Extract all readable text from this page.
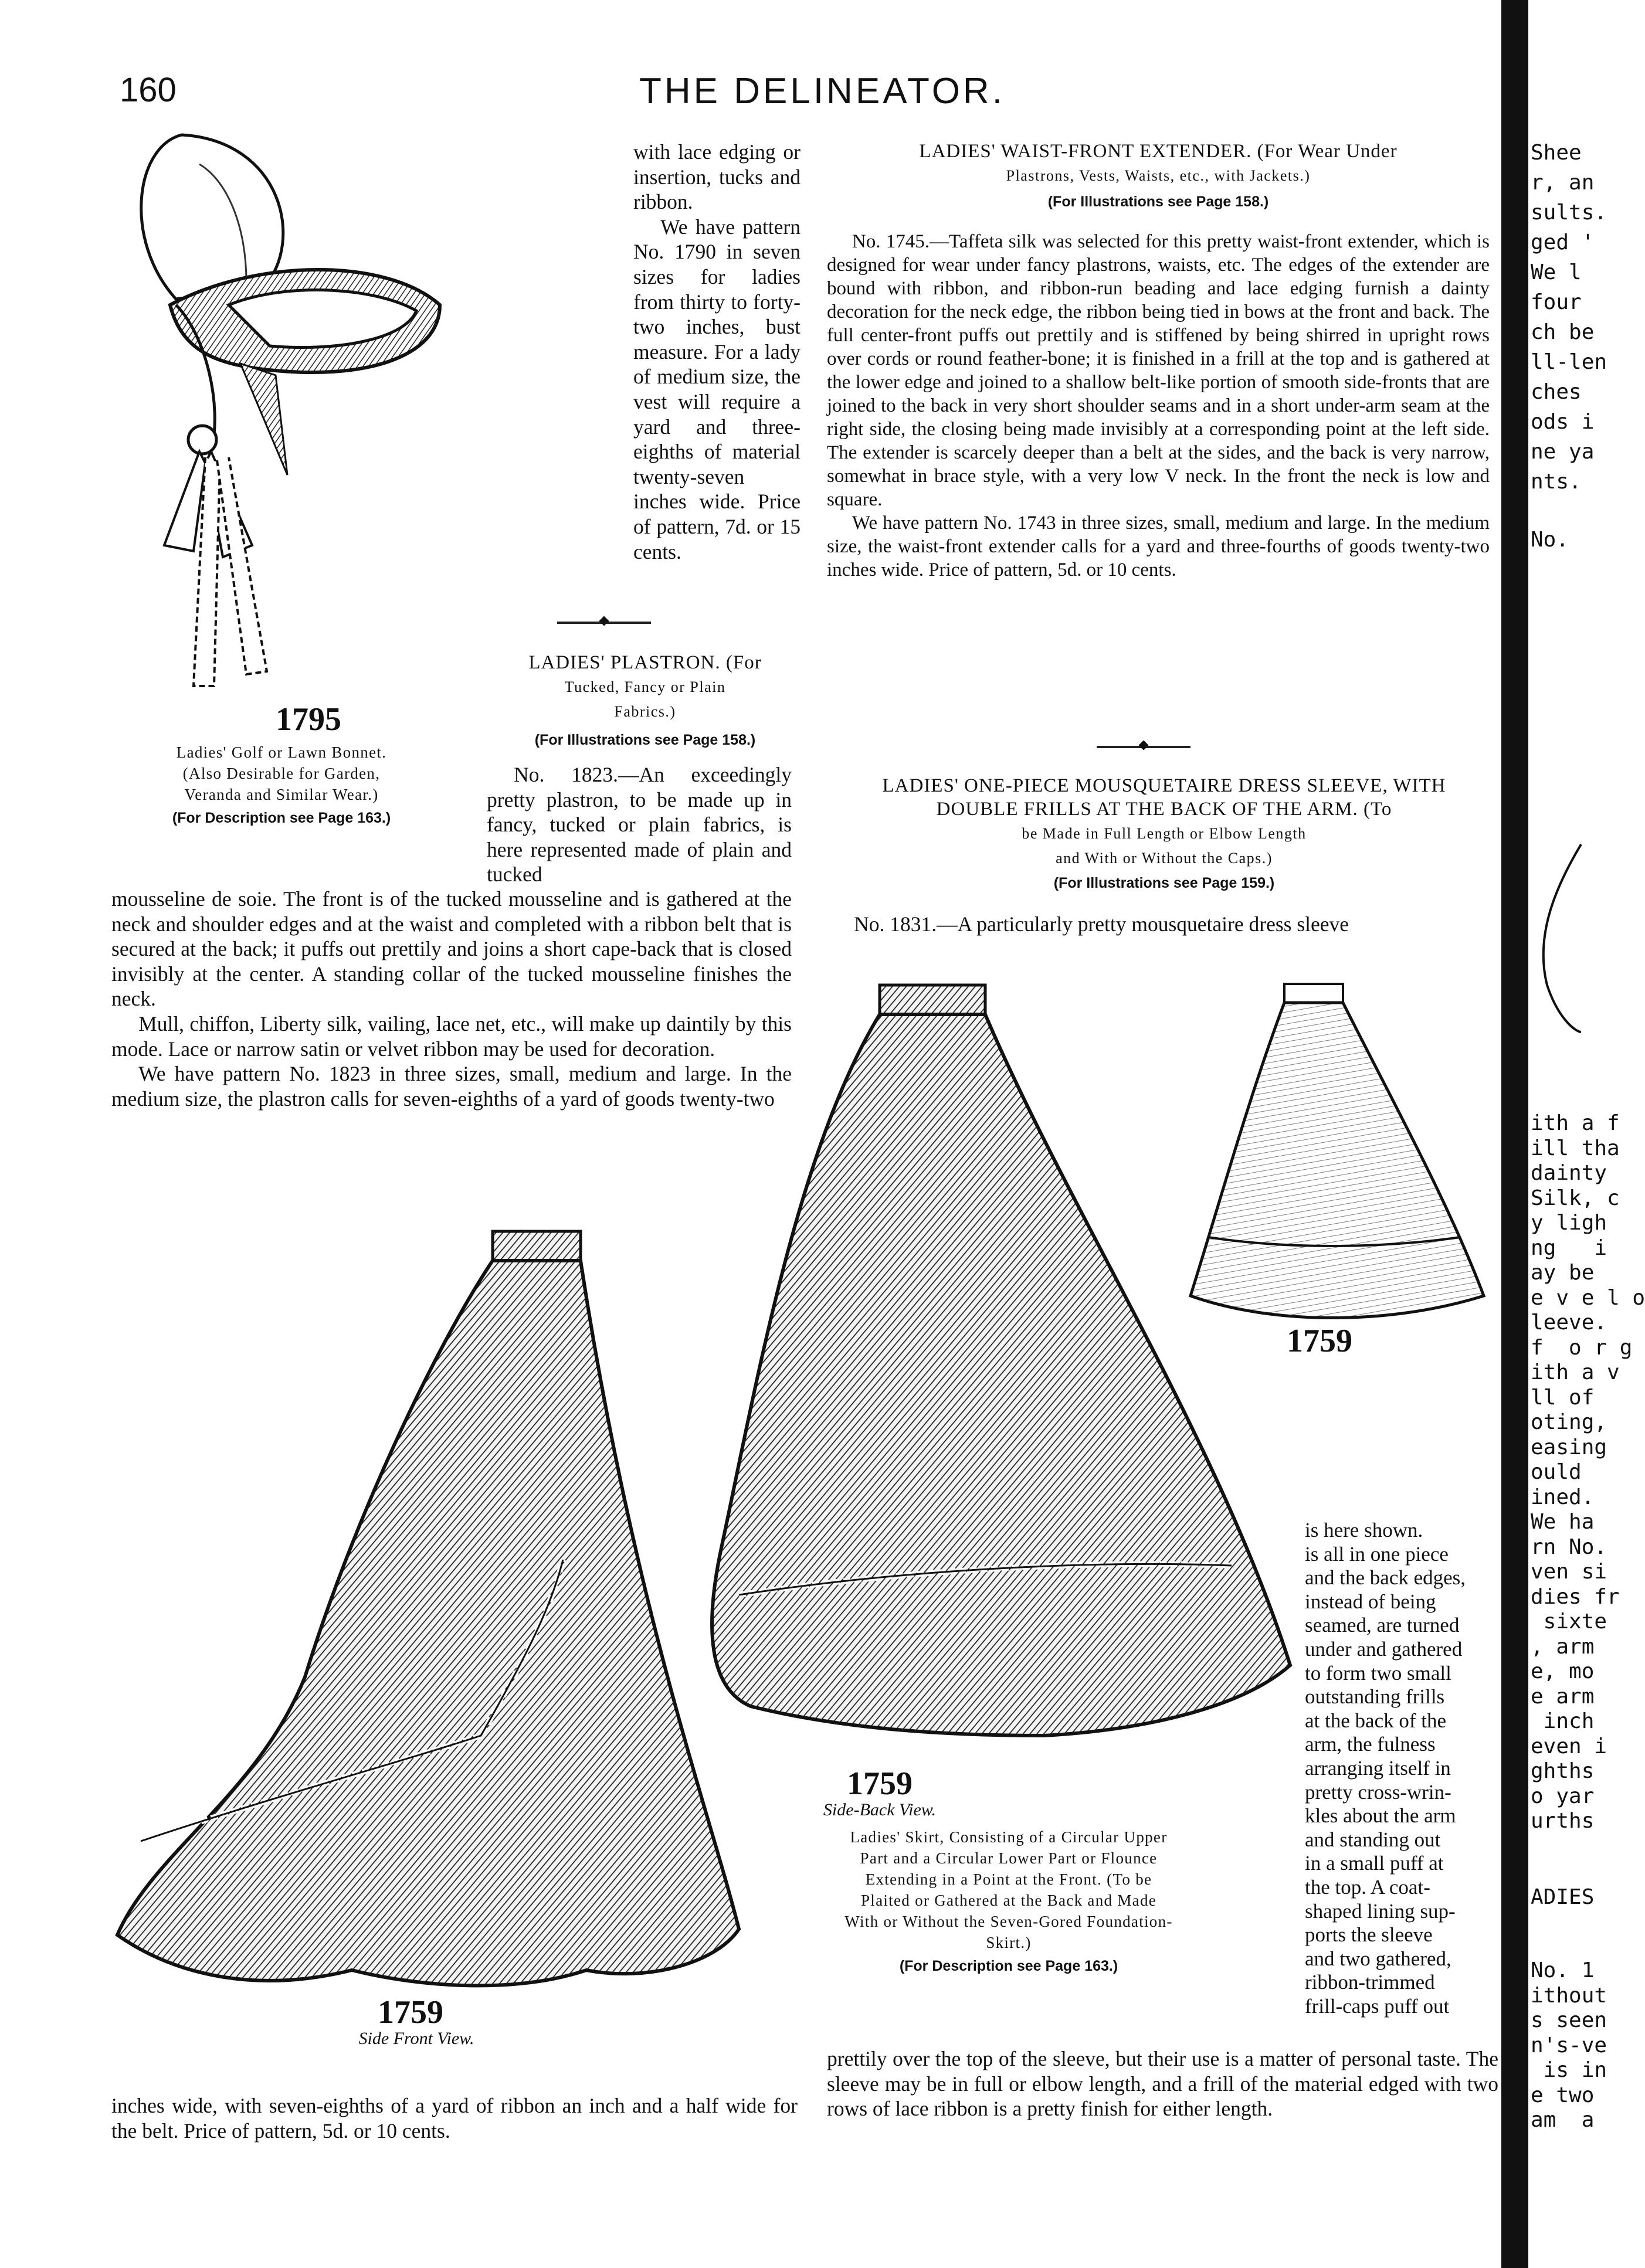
160	THE DELINEATOR.
1795

Ladies' Golf or Lawn Bonnet.

(Also Desirable for Garden,

Veranda and Similar Wear.)

(For Description see Page 163.)

with lace edging or insertion, tucks and ribbon.

We have pattern No. 1790 in seven sizes for ladies from thirty to forty-two inches, bust measure. For a lady of medium size, the vest will require a yard and three-eighths of material twenty-seven inches wide. Price of pattern, 7d. or 15 cents.

LADIES' PLASTRON. (For

Tucked, Fancy or Plain

Fabrics.)

(For Illustrations see Page 158.)

No. 1823.—An exceedingly pretty plastron, to be made up in fancy, tucked or plain fabrics, is here represented made of plain and tucked

mousseline de soie. The front is of the tucked mousseline and is gathered at the neck and shoulder edges and at the waist and completed with a ribbon belt that is secured at the back; it puffs out prettily and joins a short cape-back that is closed invisibly at the center. A standing collar of the tucked mousseline finishes the neck.

Mull, chiffon, Liberty silk, vailing, lace net, etc., will make up daintily by this mode. Lace or narrow satin or velvet ribbon may be used for decoration.

We have pattern No. 1823 in three sizes, small, medium and large. In the medium size, the plastron calls for seven-eighths of a yard of goods twenty-two

LADIES' WAIST-FRONT EXTENDER. (For Wear Under

Plastrons, Vests, Waists, etc., with Jackets.)

(For Illustrations see Page 158.)

No. 1745.—Taffeta silk was selected for this pretty waist-front extender, which is designed for wear under fancy plastrons, waists, etc. The edges of the extender are bound with ribbon, and ribbon-run beading and lace edging furnish a dainty decoration for the neck edge, the ribbon being tied in bows at the front and back. The full center-front puffs out prettily and is stiffened by being shirred in upright rows over cords or round feather-bone; it is finished in a frill at the top and is gathered at the lower edge and joined to a shallow belt-like portion of smooth side-fronts that are joined to the back in very short shoulder seams and in a short under-arm seam at the right side, the closing being made invisibly at a corresponding point at the left side. The extender is scarcely deeper than a belt at the sides, and the back is very narrow, somewhat in brace style, with a very low V neck. In the front the neck is low and square.

We have pattern No. 1743 in three sizes, small, medium and large. In the medium size, the waist-front extender calls for a yard and three-fourths of goods twenty-two inches wide. Price of pattern, 5d. or 10 cents.

LADIES' ONE-PIECE MOUSQUETAIRE DRESS SLEEVE, WITH

DOUBLE FRILLS AT THE BACK OF THE ARM. (To

be Made in Full Length or Elbow Length

and With or Without the Caps.)

(For Illustrations see Page 159.)

No. 1831.—A particularly pretty mousquetaire dress sleeve

1759
1759
Side-Back View.

Ladies' Skirt, Consisting of a Circular Upper

Part and a Circular Lower Part or Flounce

Extending in a Point at the Front. (To be

Plaited or Gathered at the Back and Made

With or Without the Seven-Gored Foundation-

Skirt.)

(For Description see Page 163.)

1759
Side Front View.
is here shown.
is all in one piece
and the back edges,
instead of being
seamed, are turned
under and gathered
to form two small
outstanding frills
at the back of the
arm, the fulness
arranging itself in
pretty cross-wrin-
kles about the arm
and standing out
in a small puff at
the top. A coat-
shaped lining sup-
ports the sleeve
and two gathered,
ribbon-trimmed
frill-caps puff out

inches wide, with seven-eighths of a yard of ribbon an inch and a half wide for the belt. Price of pattern, 5d. or 10 cents.

prettily over the top of the sleeve, but their use is a matter of personal taste. The sleeve may be in full or elbow length, and a frill of the material edged with two rows of lace ribbon is a pretty finish for either length.

Shee
r, an
sults.
ged '
We l
four
ch be
ll-len
ches
ods i
ne ya
nts.
No.
ith a f
ill tha
dainty
Silk, c
y ligh
ng   i
ay be
e v e l o
leeve.
f  o r g
ith a v
ll of
oting,
easing
ould
ined.
We ha
rn No.
ven si
dies fr
sixte
, arm
e, mo
e arm
inch
even i
ghths
o yar
urths
ADIES
No. 1
ithout
s seen
n's-ve
is in
e two
am  a
